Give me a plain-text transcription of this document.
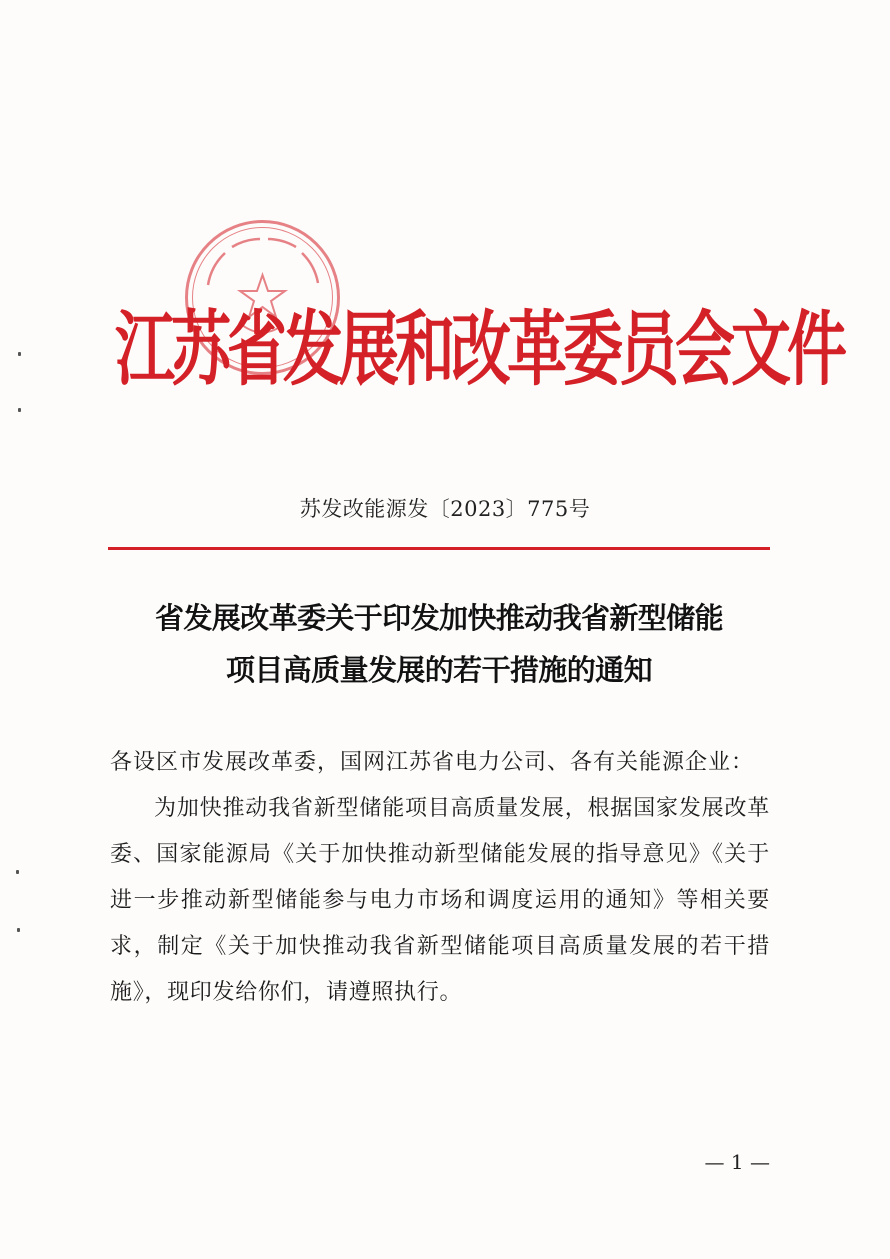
江苏省发展和改革委员会文件
苏发改能源发〔2023〕775号
省发展改革委关于印发加快推动我省新型储能
项目高质量发展的若干措施的通知

各设区市发展改革委，国网江苏省电力公司、各有关能源企业：

为加快推动我省新型储能项目高质量发展，根据国家发展改革委、国家能源局《关于加快推动新型储能发展的指导意见》《关于进一步推动新型储能参与电力市场和调度运用的通知》等相关要求，制定《关于加快推动我省新型储能项目高质量发展的若干措施》，现印发给你们，请遵照执行。

— 1 —
